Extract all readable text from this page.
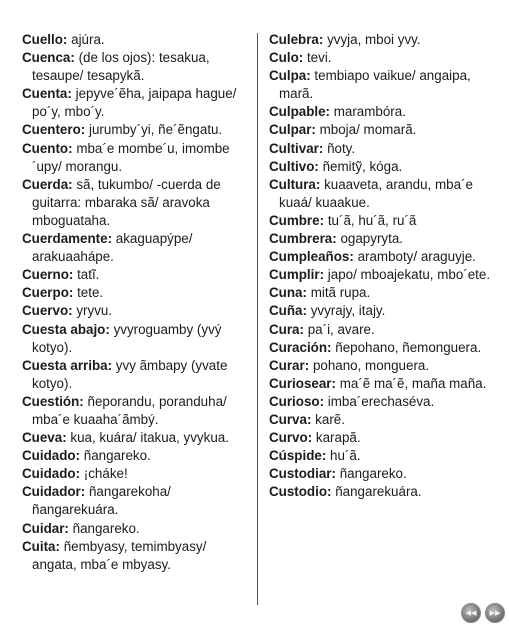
Cuello: ajúra.

Cuenca: (de los ojos): tesakua, tesaupe/ tesapykã.

Cuenta: jepyve´ẽha, jaipapa hague/ po´y, mbo´y.

Cuentero: jurumby´yi, ñe´ẽngatu.

Cuento: mba´e mombe´u, imombe´upy/ morangu.

Cuerda: sã, tukumbo/ -cuerda de guitarra: mbaraka sã/ aravoka mboguataha.

Cuerdamente: akaguapýpe/ arakuaaháре.

Cuerno: tatĩ.

Cuerpo: tete.

Cuervo: yryvu.

Cuesta abajo: yvyroguamby (yvý kotyo).

Cuesta arriba: yvy ãmbapy (yvate kotyo).

Cuestión: ñeporandu, poranduha/ mba´e kuaaha´ãmbý.

Cueva: kua, kuára/ itakua, yvykua.

Cuidado: ñangareko.

Cuidado: ¡cháke!

Cuidador: ñangarekoha/ ñangarekuára.

Cuidar: ñangareko.

Cuita: ñembyasy, temimbyasy/ angata, mba´e mbyasy.

Culebra: yvyja, mboi yvy.

Culo: tevi.

Culpa: tembiapo vaikue/ angaipa, marã.

Culpable: marambóra.

Culpar: mboja/ momarã.

Cultivar: ñoty.

Cultivo: ñemitỹ, kóga.

Cultura: kuaaveta, arandu, mba´e kuaá/ kuaakue.

Cumbre: tu´ã, hu´ã, ru´ã

Cumbrera: ogapyryta.

Cumpleaños: aramboty/ araguyje.

Cumplir: japo/ mboajekatu, mbo´ete.

Cuna: mitã rupa.

Cuña: yvyrajy, itajy.

Cura: pa´i, avare.

Curación: ñepohano, ñemonguera.

Curar: pohano, monguera.

Curiosear: ma´ẽ ma´ẽ, maña maña.

Curioso: imba´erechaséva.

Curva: karẽ.

Curvo: karapã.

Cúspide: hu´ã.

Custodiar: ñangareko.

Custodio: ñangarekuára.

◂◂ ▸▸
